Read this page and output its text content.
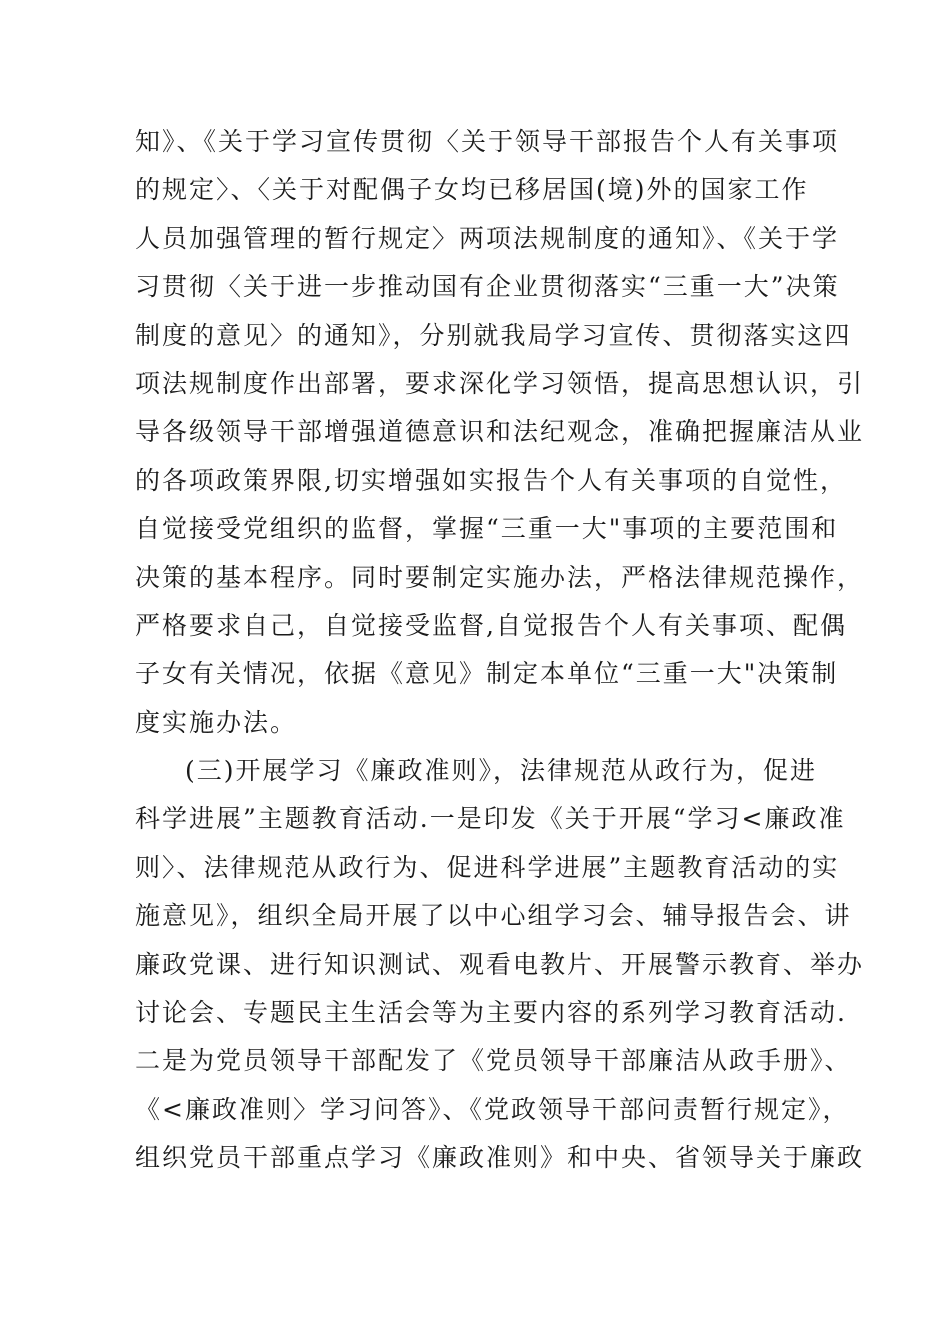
知》、《关于学习宣传贯彻〈关于领导干部报告个人有关事项
的规定〉、〈关于对配偶子女均已移居国(境)外的国家工作
人员加强管理的暂行规定〉两项法规制度的通知》、《关于学
习贯彻〈关于进一步推动国有企业贯彻落实“三重一大”决策
制度的意见〉的通知》，分别就我局学习宣传、贯彻落实这四
项法规制度作出部署，要求深化学习领悟，提高思想认识，引
导各级领导干部增强道德意识和法纪观念，准确把握廉洁从业
的各项政策界限,切实增强如实报告个人有关事项的自觉性，
自觉接受党组织的监督，掌握“三重一大"事项的主要范围和
决策的基本程序。同时要制定实施办法，严格法律规范操作，
严格要求自己，自觉接受监督,自觉报告个人有关事项、配偶
子女有关情况，依据《意见》制定本单位“三重一大"决策制
度实施办法。
(三)开展学习《廉政准则》，法律规范从政行为，促进
科学进展”主题教育活动.一是印发《关于开展“学习<廉政准
则〉、法律规范从政行为、促进科学进展”主题教育活动的实
施意见》，组织全局开展了以中心组学习会、辅导报告会、讲
廉政党课、进行知识测试、观看电教片、开展警示教育、举办
讨论会、专题民主生活会等为主要内容的系列学习教育活动.
二是为党员领导干部配发了《党员领导干部廉洁从政手册》、
《<廉政准则〉学习问答》、《党政领导干部问责暂行规定》，
组织党员干部重点学习《廉政准则》和中央、省领导关于廉政
